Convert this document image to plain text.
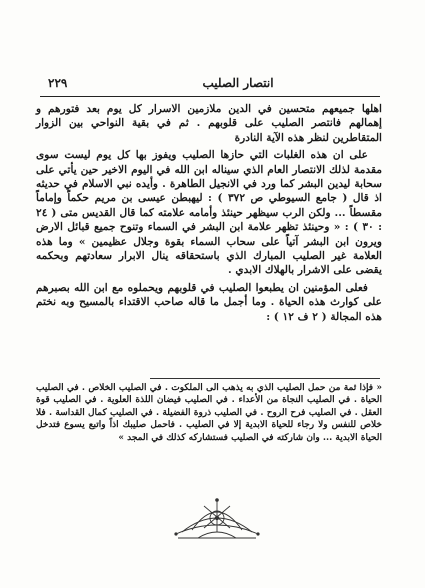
٢٢٩	انتصار الصليب

اهلها جميعهم متحسين في الدين ملازمين الاسرار كل يوم بعد فتورهم و إهمالهم فانتصر الصليب على قلوبهم . ثم في بقية النواحي بين الزوار المتقاطرين لنظر هذه الآية النادرة

على ان هذه الغلبات التي حازها الصليب ويفوز بها كل يوم ليست سوى مقدمة لذلك الانتصار العام الذي سيناله ابن الله في اليوم الاخير حين يأتي على سحابة ليدين البشر كما ورد في الانجيل الطاهرة . وأيده نبي الاسلام في حديثه اذ قال ( جامع السيوطي ص ٣٧٢ ) : ليهبطن عيسى بن مريم حكماً وإماماً مقسطاً ... ولكن الرب سيظهر حينئذ وأمامه علامته كما قال القديس متى ( ٢٤ : ٣٠ ) : « وحينئذ تظهر علامة ابن البشر في السماء وتنوح جميع قبائل الارض ويرون ابن البشر آتياً على سحاب السماء بقوة وجلال عظيمين » وما هذه العلامة غير الصليب المبارك الذي باستحقاقه ينال الابرار سعادتهم وبحكمه يقضى على الاشرار بالهلاك الابدي .

فعلى المؤمنين ان يطبعوا الصليب في قلوبهم ويحملوه مع ابن الله بصبرهم على كوارث هذه الحياة . وما أجمل ما قاله صاحب الاقتداء بالمسيح وبه نختم هذه المجالة ( ٢ ف ١٢ ) :

« فإذا ثمة من حمل الصليب الذي به يذهب الى الملكوت . في الصليب الخلاص . في الصليب الحياة . في الصليب النجاة من الأعداء . في الصليب فيضان اللذة العلوية . في الصليب قوة العقل . في الصليب فرح الروح . في الصليب ذروة الفضيلة . في الصليب كمال القداسة . فلا خلاص للنفس ولا رجاء للحياة الابدية إلا في الصليب . فاحمل صليبك اذاً واتبع يسوع فتدخل الحياة الابدية ... وان شاركته في الصليب فستشاركه كذلك في المجد »
